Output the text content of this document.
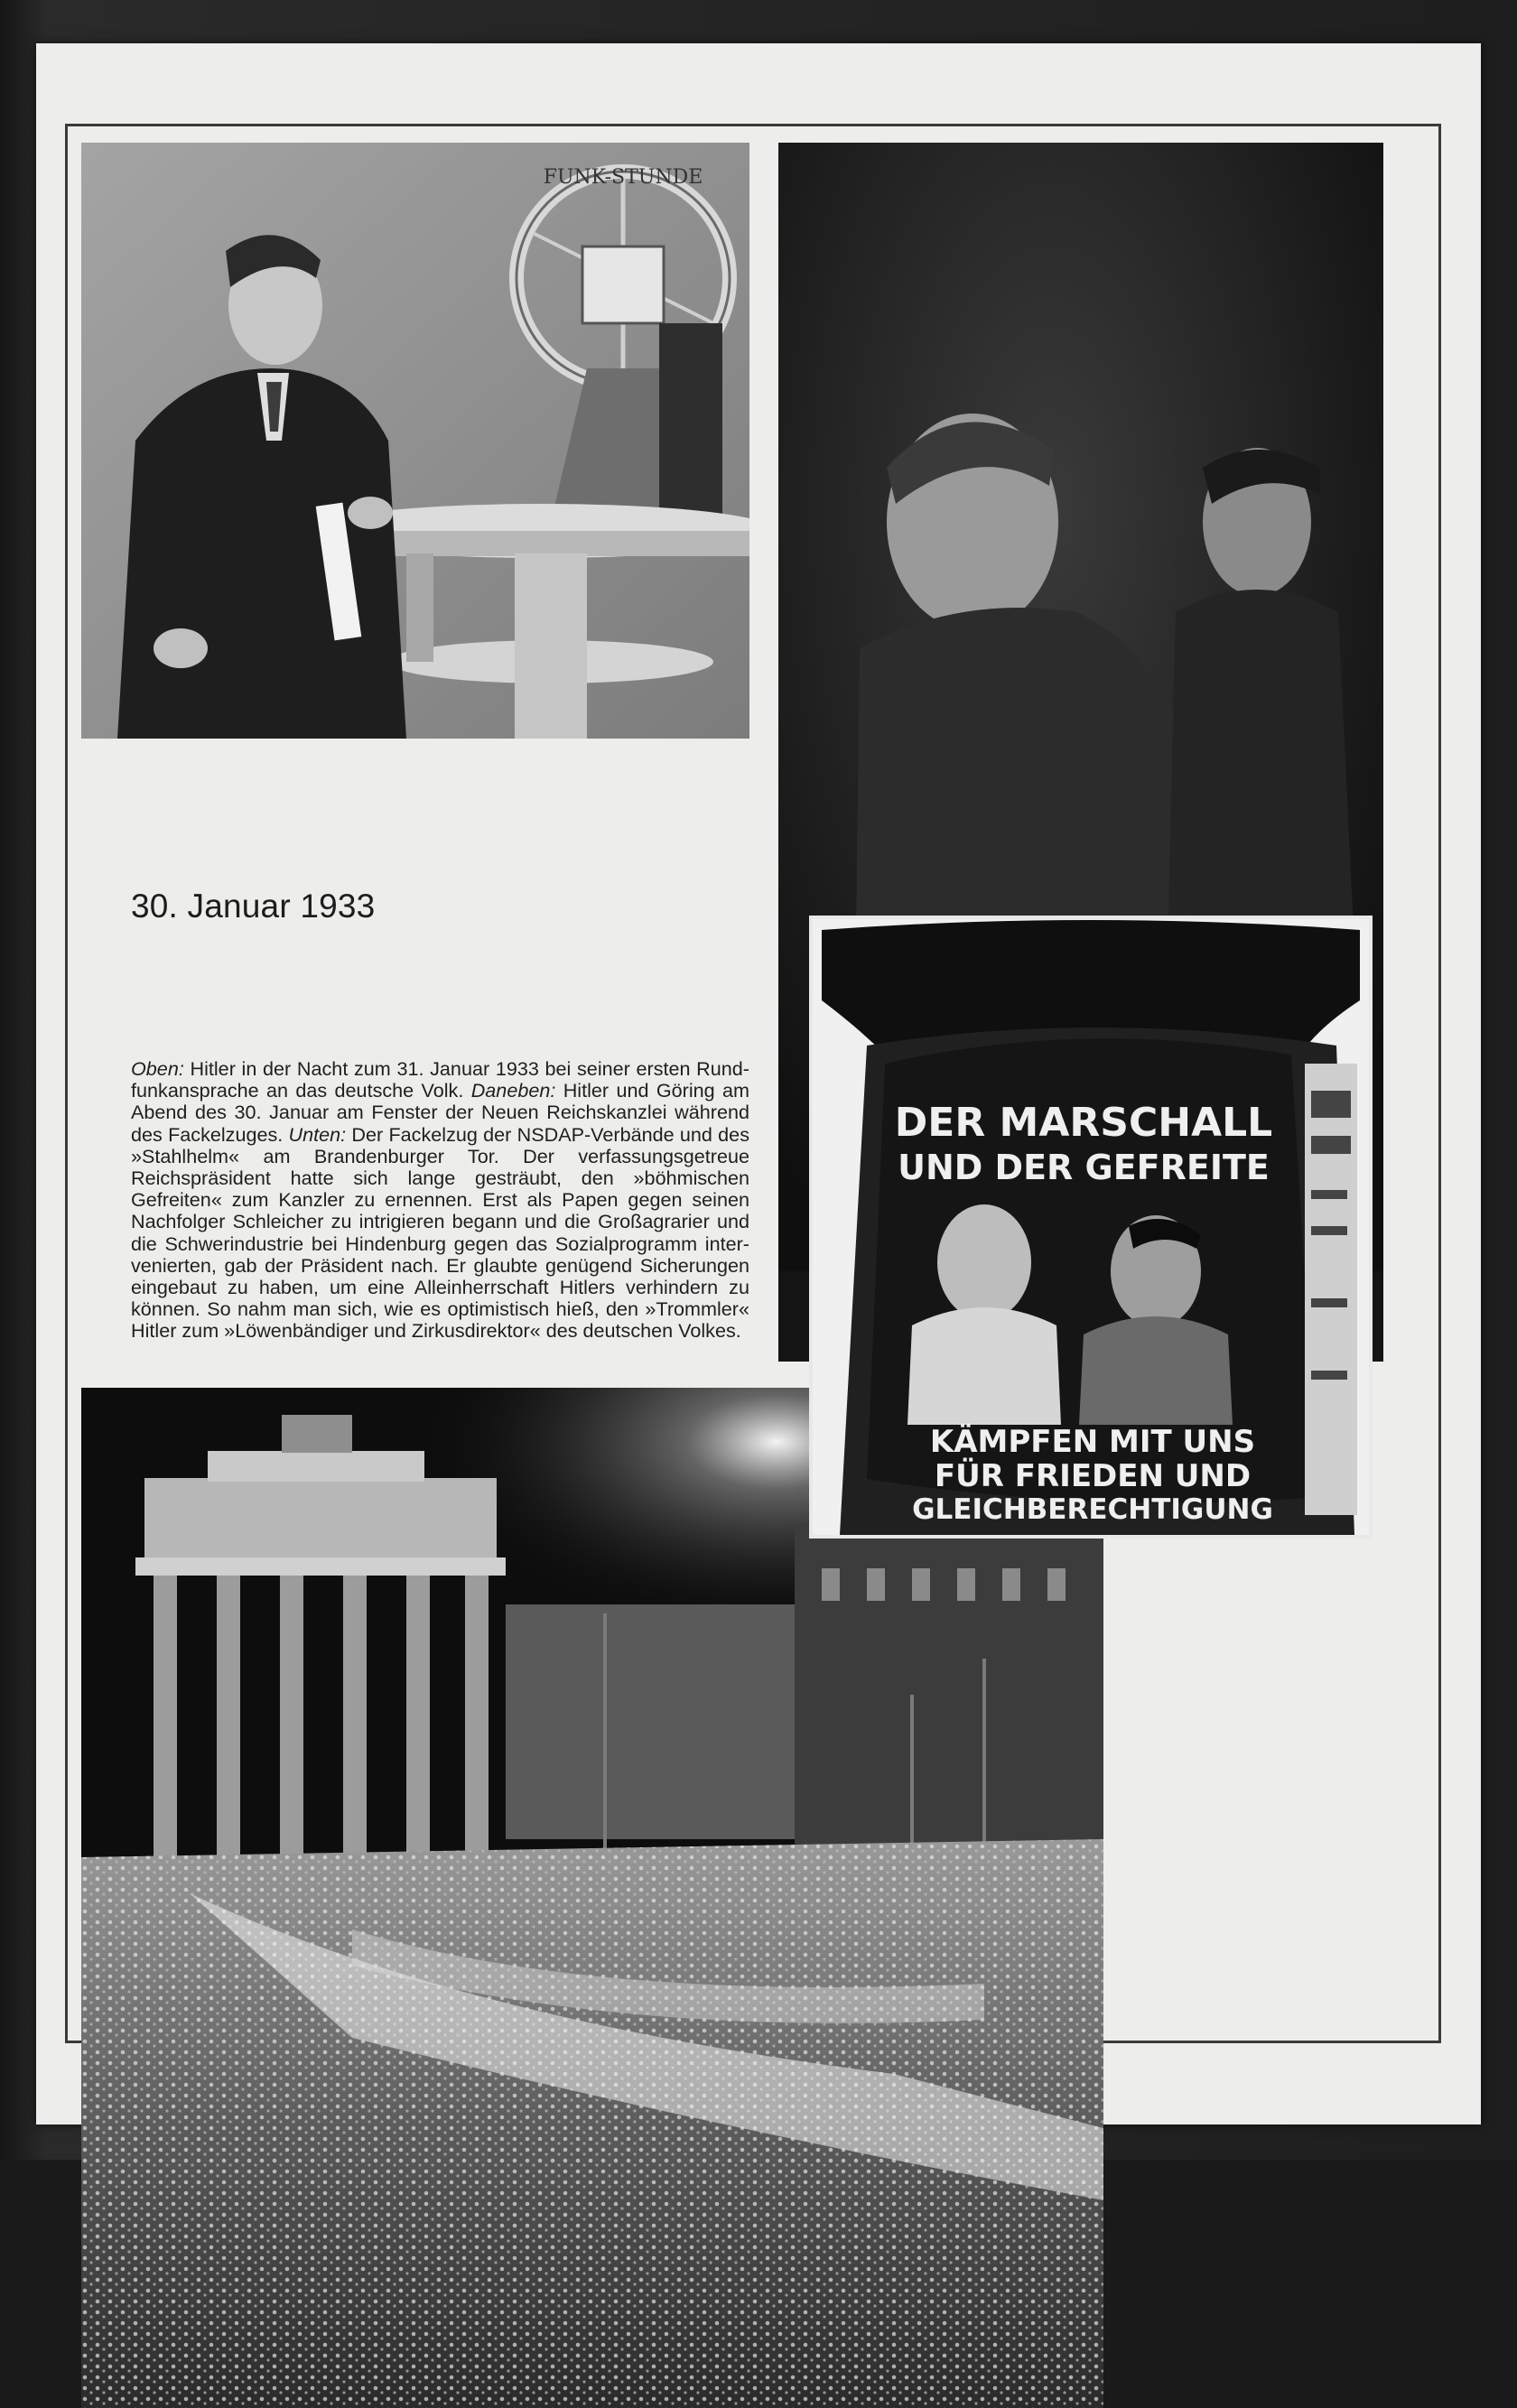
FUNK-STUNDE
DER MARSCHALL
UND DER GEFREITE
KÄMPFEN MIT UNS
FÜR FRIEDEN UND
GLEICHBERECHTIGUNG
30. Januar 1933

Oben: Hitler in der Nacht zum 31. Januar 1933 bei seiner ersten Rundfunkansprache an das deutsche Volk. Daneben: Hitler und Göring am Abend des 30. Januar am Fenster der Neuen Reichskanzlei während des Fackelzuges. Unten: Der Fackelzug der NSDAP-Verbände und des »Stahlhelm« am Brandenburger Tor. Der verfassungsgetreue Reichspräsident hatte sich lange gesträubt, den »böhmischen Gefreiten« zum Kanzler zu ernennen. Erst als Papen gegen seinen Nachfolger Schleicher zu intrigieren begann und die Großagrarier und die Schwerindustrie bei Hindenburg gegen das Sozialprogramm intervenierten, gab der Präsident nach. Er glaubte genügend Sicherungen eingebaut zu haben, um eine Alleinherrschaft Hitlers verhindern zu können. So nahm man sich, wie es optimistisch hieß, den »Trommler« Hitler zum »Löwenbändiger und Zirkusdirektor« des deutschen Volkes.
